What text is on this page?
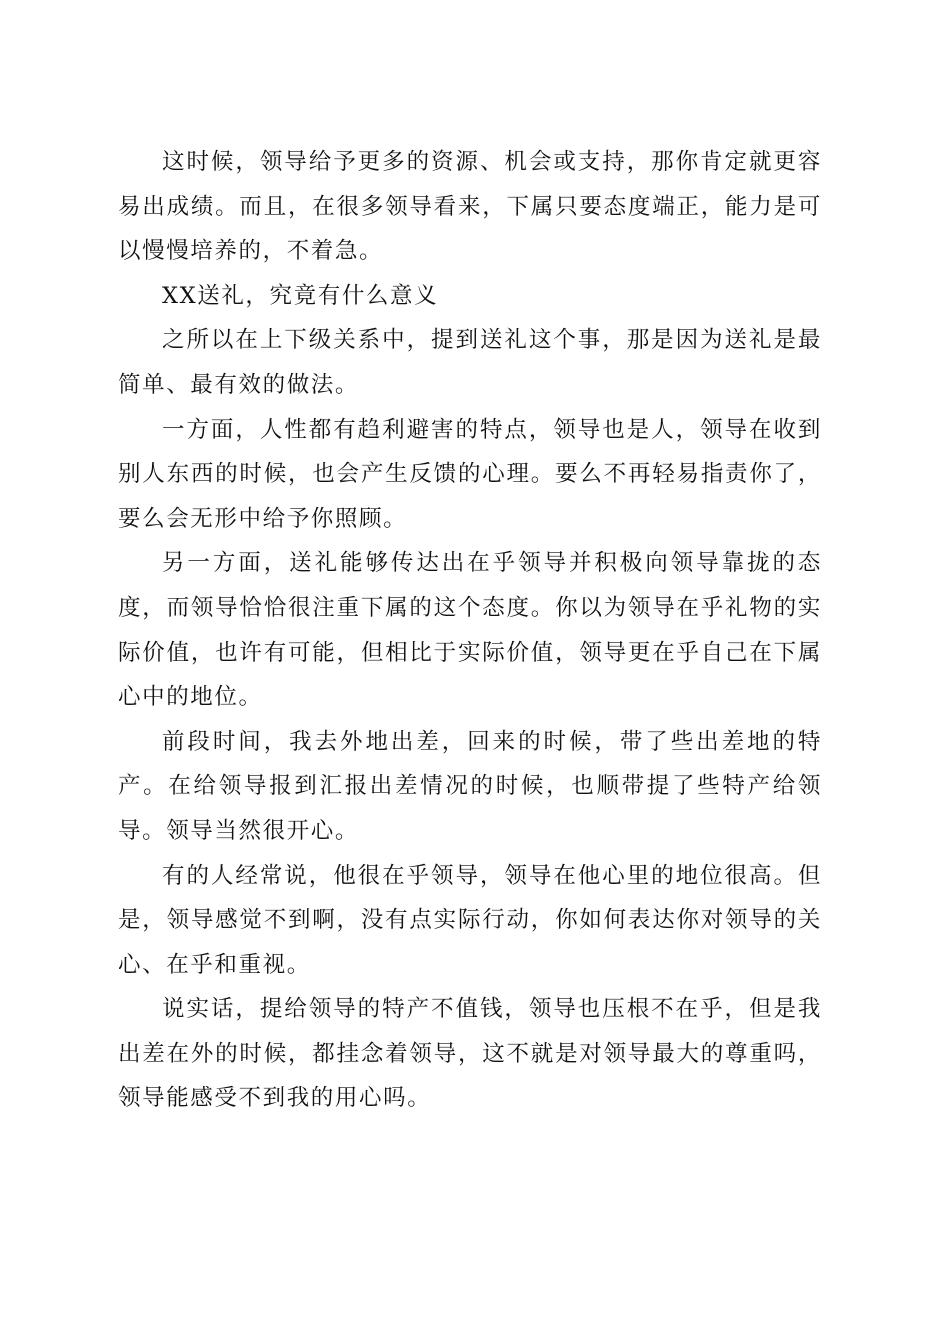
这时候，领导给予更多的资源、机会或支持，那你肯定就更容易出成绩。而且，在很多领导看来，下属只要态度端正，能力是可以慢慢培养的，不着急。

XX送礼，究竟有什么意义

之所以在上下级关系中，提到送礼这个事，那是因为送礼是最简单、最有效的做法。

一方面，人性都有趋利避害的特点，领导也是人，领导在收到别人东西的时候，也会产生反馈的心理。要么不再轻易指责你了，要么会无形中给予你照顾。

另一方面，送礼能够传达出在乎领导并积极向领导靠拢的态度，而领导恰恰很注重下属的这个态度。你以为领导在乎礼物的实际价值，也许有可能，但相比于实际价值，领导更在乎自己在下属心中的地位。

前段时间，我去外地出差，回来的时候，带了些出差地的特产。在给领导报到汇报出差情况的时候，也顺带提了些特产给领导。领导当然很开心。

有的人经常说，他很在乎领导，领导在他心里的地位很高。但是，领导感觉不到啊，没有点实际行动，你如何表达你对领导的关心、在乎和重视。

说实话，提给领导的特产不值钱，领导也压根不在乎，但是我出差在外的时候，都挂念着领导，这不就是对领导最大的尊重吗，领导能感受不到我的用心吗。
